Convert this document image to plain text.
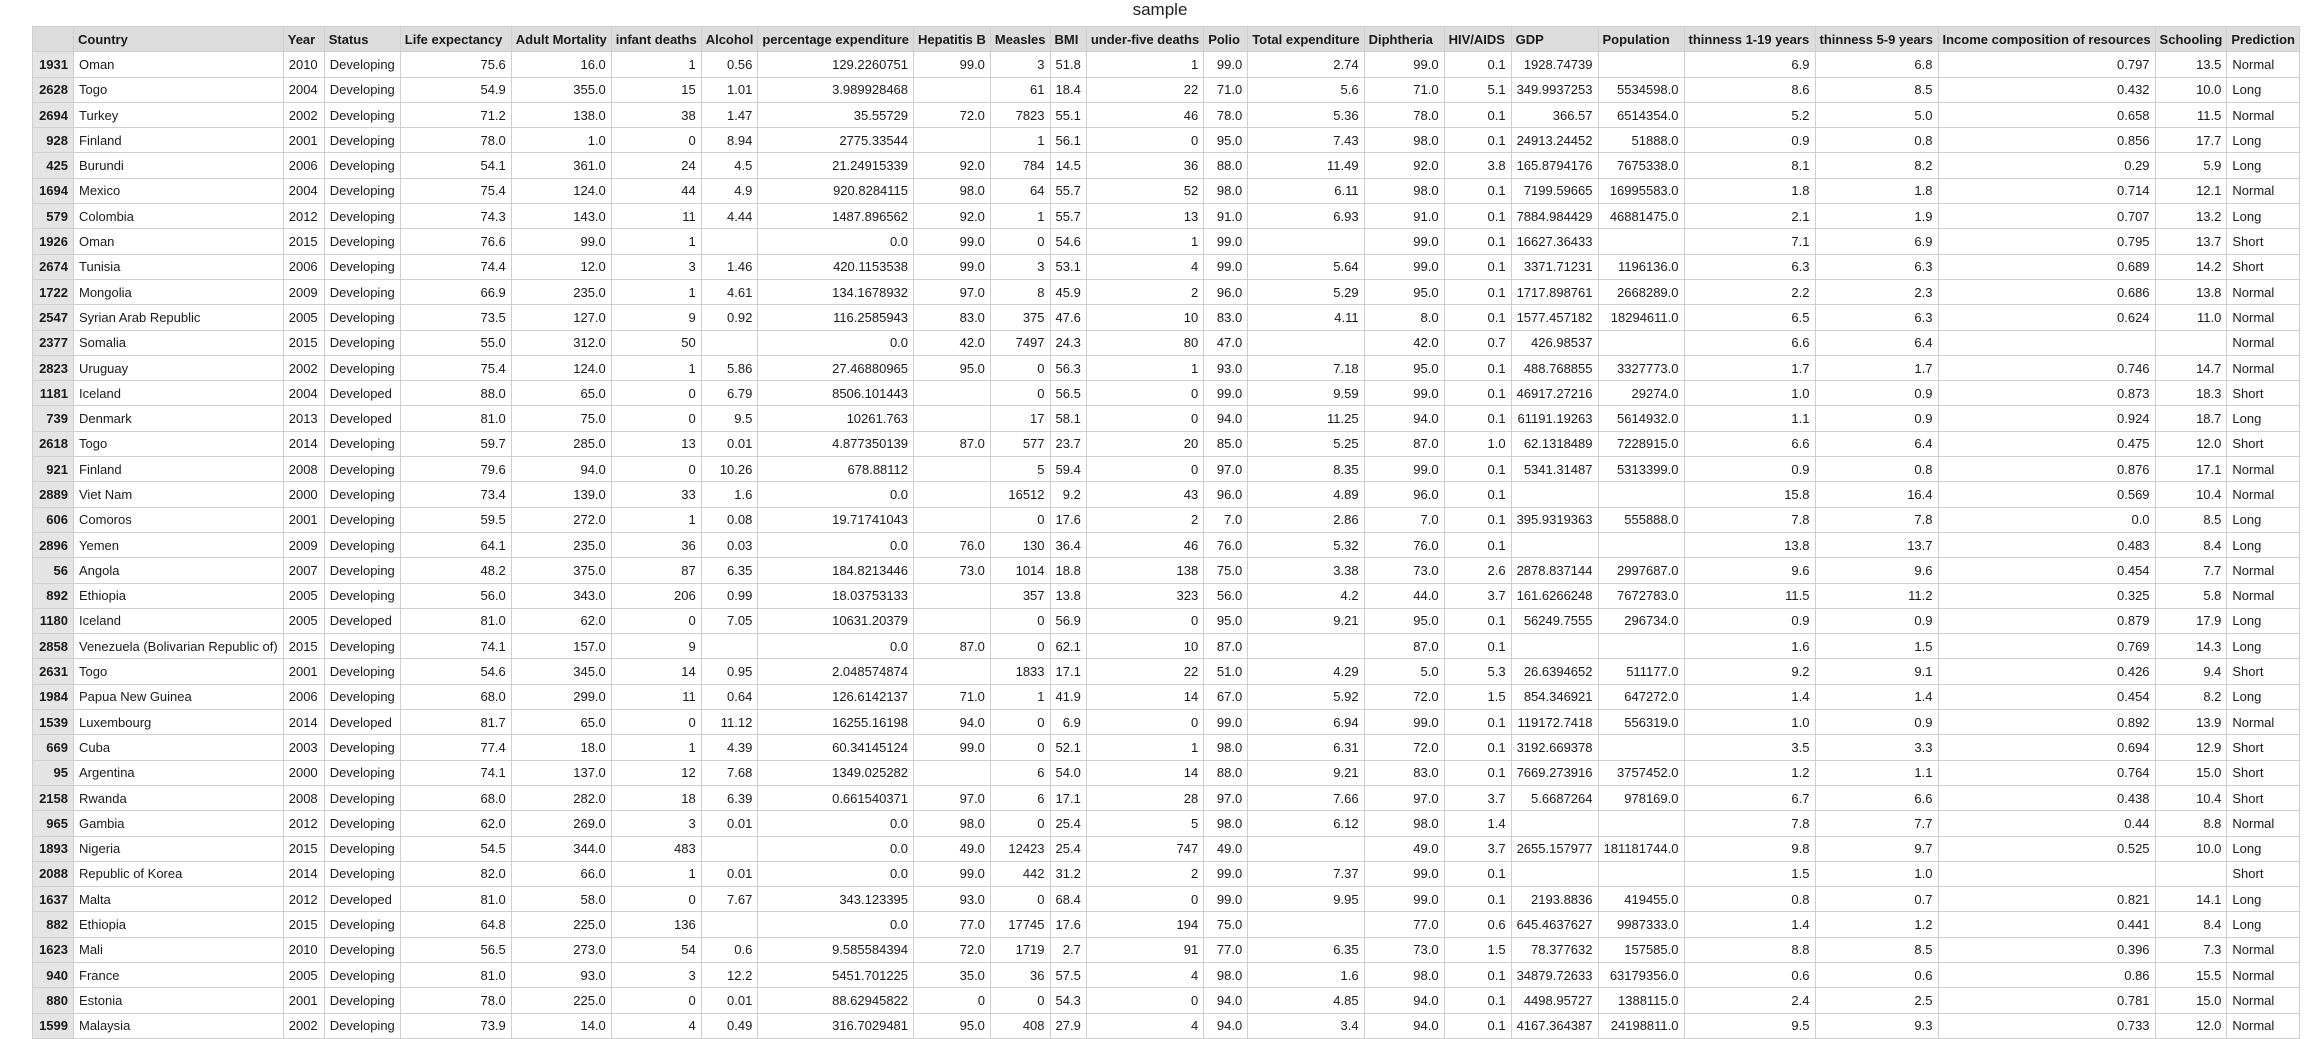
sample
	Country	Year	Status	Life expectancy	Adult Mortality	infant deaths	Alcohol	percentage expenditure	Hepatitis B	Measles	BMI	under-five deaths	Polio	Total expenditure	Diphtheria	HIV/AIDS	GDP	Population	thinness 1-19 years	thinness 5-9 years	Income composition of resources	Schooling	Prediction
1931	Oman	2010	Developing	75.6	16.0	1	0.56	129.2260751	99.0	3	51.8	1	99.0	2.74	99.0	0.1	1928.74739		6.9	6.8	0.797	13.5	Normal
2628	Togo	2004	Developing	54.9	355.0	15	1.01	3.989928468		61	18.4	22	71.0	5.6	71.0	5.1	349.9937253	5534598.0	8.6	8.5	0.432	10.0	Long
2694	Turkey	2002	Developing	71.2	138.0	38	1.47	35.55729	72.0	7823	55.1	46	78.0	5.36	78.0	0.1	366.57	6514354.0	5.2	5.0	0.658	11.5	Normal
928	Finland	2001	Developing	78.0	1.0	0	8.94	2775.33544		1	56.1	0	95.0	7.43	98.0	0.1	24913.24452	51888.0	0.9	0.8	0.856	17.7	Long
425	Burundi	2006	Developing	54.1	361.0	24	4.5	21.24915339	92.0	784	14.5	36	88.0	11.49	92.0	3.8	165.8794176	7675338.0	8.1	8.2	0.29	5.9	Long
1694	Mexico	2004	Developing	75.4	124.0	44	4.9	920.8284115	98.0	64	55.7	52	98.0	6.11	98.0	0.1	7199.59665	16995583.0	1.8	1.8	0.714	12.1	Normal
579	Colombia	2012	Developing	74.3	143.0	11	4.44	1487.896562	92.0	1	55.7	13	91.0	6.93	91.0	0.1	7884.984429	46881475.0	2.1	1.9	0.707	13.2	Long
1926	Oman	2015	Developing	76.6	99.0	1		0.0	99.0	0	54.6	1	99.0		99.0	0.1	16627.36433		7.1	6.9	0.795	13.7	Short
2674	Tunisia	2006	Developing	74.4	12.0	3	1.46	420.1153538	99.0	3	53.1	4	99.0	5.64	99.0	0.1	3371.71231	1196136.0	6.3	6.3	0.689	14.2	Short
1722	Mongolia	2009	Developing	66.9	235.0	1	4.61	134.1678932	97.0	8	45.9	2	96.0	5.29	95.0	0.1	1717.898761	2668289.0	2.2	2.3	0.686	13.8	Normal
2547	Syrian Arab Republic	2005	Developing	73.5	127.0	9	0.92	116.2585943	83.0	375	47.6	10	83.0	4.11	8.0	0.1	1577.457182	18294611.0	6.5	6.3	0.624	11.0	Normal
2377	Somalia	2015	Developing	55.0	312.0	50		0.0	42.0	7497	24.3	80	47.0		42.0	0.7	426.98537		6.6	6.4			Normal
2823	Uruguay	2002	Developing	75.4	124.0	1	5.86	27.46880965	95.0	0	56.3	1	93.0	7.18	95.0	0.1	488.768855	3327773.0	1.7	1.7	0.746	14.7	Normal
1181	Iceland	2004	Developed	88.0	65.0	0	6.79	8506.101443		0	56.5	0	99.0	9.59	99.0	0.1	46917.27216	29274.0	1.0	0.9	0.873	18.3	Short
739	Denmark	2013	Developed	81.0	75.0	0	9.5	10261.763		17	58.1	0	94.0	11.25	94.0	0.1	61191.19263	5614932.0	1.1	0.9	0.924	18.7	Long
2618	Togo	2014	Developing	59.7	285.0	13	0.01	4.877350139	87.0	577	23.7	20	85.0	5.25	87.0	1.0	62.1318489	7228915.0	6.6	6.4	0.475	12.0	Short
921	Finland	2008	Developing	79.6	94.0	0	10.26	678.88112		5	59.4	0	97.0	8.35	99.0	0.1	5341.31487	5313399.0	0.9	0.8	0.876	17.1	Normal
2889	Viet Nam	2000	Developing	73.4	139.0	33	1.6	0.0		16512	9.2	43	96.0	4.89	96.0	0.1			15.8	16.4	0.569	10.4	Normal
606	Comoros	2001	Developing	59.5	272.0	1	0.08	19.71741043		0	17.6	2	7.0	2.86	7.0	0.1	395.9319363	555888.0	7.8	7.8	0.0	8.5	Long
2896	Yemen	2009	Developing	64.1	235.0	36	0.03	0.0	76.0	130	36.4	46	76.0	5.32	76.0	0.1			13.8	13.7	0.483	8.4	Long
56	Angola	2007	Developing	48.2	375.0	87	6.35	184.8213446	73.0	1014	18.8	138	75.0	3.38	73.0	2.6	2878.837144	2997687.0	9.6	9.6	0.454	7.7	Normal
892	Ethiopia	2005	Developing	56.0	343.0	206	0.99	18.03753133		357	13.8	323	56.0	4.2	44.0	3.7	161.6266248	7672783.0	11.5	11.2	0.325	5.8	Normal
1180	Iceland	2005	Developed	81.0	62.0	0	7.05	10631.20379		0	56.9	0	95.0	9.21	95.0	0.1	56249.7555	296734.0	0.9	0.9	0.879	17.9	Long
2858	Venezuela (Bolivarian Republic of)	2015	Developing	74.1	157.0	9		0.0	87.0	0	62.1	10	87.0		87.0	0.1			1.6	1.5	0.769	14.3	Long
2631	Togo	2001	Developing	54.6	345.0	14	0.95	2.048574874		1833	17.1	22	51.0	4.29	5.0	5.3	26.6394652	511177.0	9.2	9.1	0.426	9.4	Short
1984	Papua New Guinea	2006	Developing	68.0	299.0	11	0.64	126.6142137	71.0	1	41.9	14	67.0	5.92	72.0	1.5	854.346921	647272.0	1.4	1.4	0.454	8.2	Long
1539	Luxembourg	2014	Developed	81.7	65.0	0	11.12	16255.16198	94.0	0	6.9	0	99.0	6.94	99.0	0.1	119172.7418	556319.0	1.0	0.9	0.892	13.9	Normal
669	Cuba	2003	Developing	77.4	18.0	1	4.39	60.34145124	99.0	0	52.1	1	98.0	6.31	72.0	0.1	3192.669378		3.5	3.3	0.694	12.9	Short
95	Argentina	2000	Developing	74.1	137.0	12	7.68	1349.025282		6	54.0	14	88.0	9.21	83.0	0.1	7669.273916	3757452.0	1.2	1.1	0.764	15.0	Short
2158	Rwanda	2008	Developing	68.0	282.0	18	6.39	0.661540371	97.0	6	17.1	28	97.0	7.66	97.0	3.7	5.6687264	978169.0	6.7	6.6	0.438	10.4	Short
965	Gambia	2012	Developing	62.0	269.0	3	0.01	0.0	98.0	0	25.4	5	98.0	6.12	98.0	1.4			7.8	7.7	0.44	8.8	Normal
1893	Nigeria	2015	Developing	54.5	344.0	483		0.0	49.0	12423	25.4	747	49.0		49.0	3.7	2655.157977	181181744.0	9.8	9.7	0.525	10.0	Long
2088	Republic of Korea	2014	Developing	82.0	66.0	1	0.01	0.0	99.0	442	31.2	2	99.0	7.37	99.0	0.1			1.5	1.0			Short
1637	Malta	2012	Developed	81.0	58.0	0	7.67	343.123395	93.0	0	68.4	0	99.0	9.95	99.0	0.1	2193.8836	419455.0	0.8	0.7	0.821	14.1	Long
882	Ethiopia	2015	Developing	64.8	225.0	136		0.0	77.0	17745	17.6	194	75.0		77.0	0.6	645.4637627	9987333.0	1.4	1.2	0.441	8.4	Long
1623	Mali	2010	Developing	56.5	273.0	54	0.6	9.585584394	72.0	1719	2.7	91	77.0	6.35	73.0	1.5	78.377632	157585.0	8.8	8.5	0.396	7.3	Normal
940	France	2005	Developing	81.0	93.0	3	12.2	5451.701225	35.0	36	57.5	4	98.0	1.6	98.0	0.1	34879.72633	63179356.0	0.6	0.6	0.86	15.5	Normal
880	Estonia	2001	Developing	78.0	225.0	0	0.01	88.62945822	0	0	54.3	0	94.0	4.85	94.0	0.1	4498.95727	1388115.0	2.4	2.5	0.781	15.0	Normal
1599	Malaysia	2002	Developing	73.9	14.0	4	0.49	316.7029481	95.0	408	27.9	4	94.0	3.4	94.0	0.1	4167.364387	24198811.0	9.5	9.3	0.733	12.0	Normal
